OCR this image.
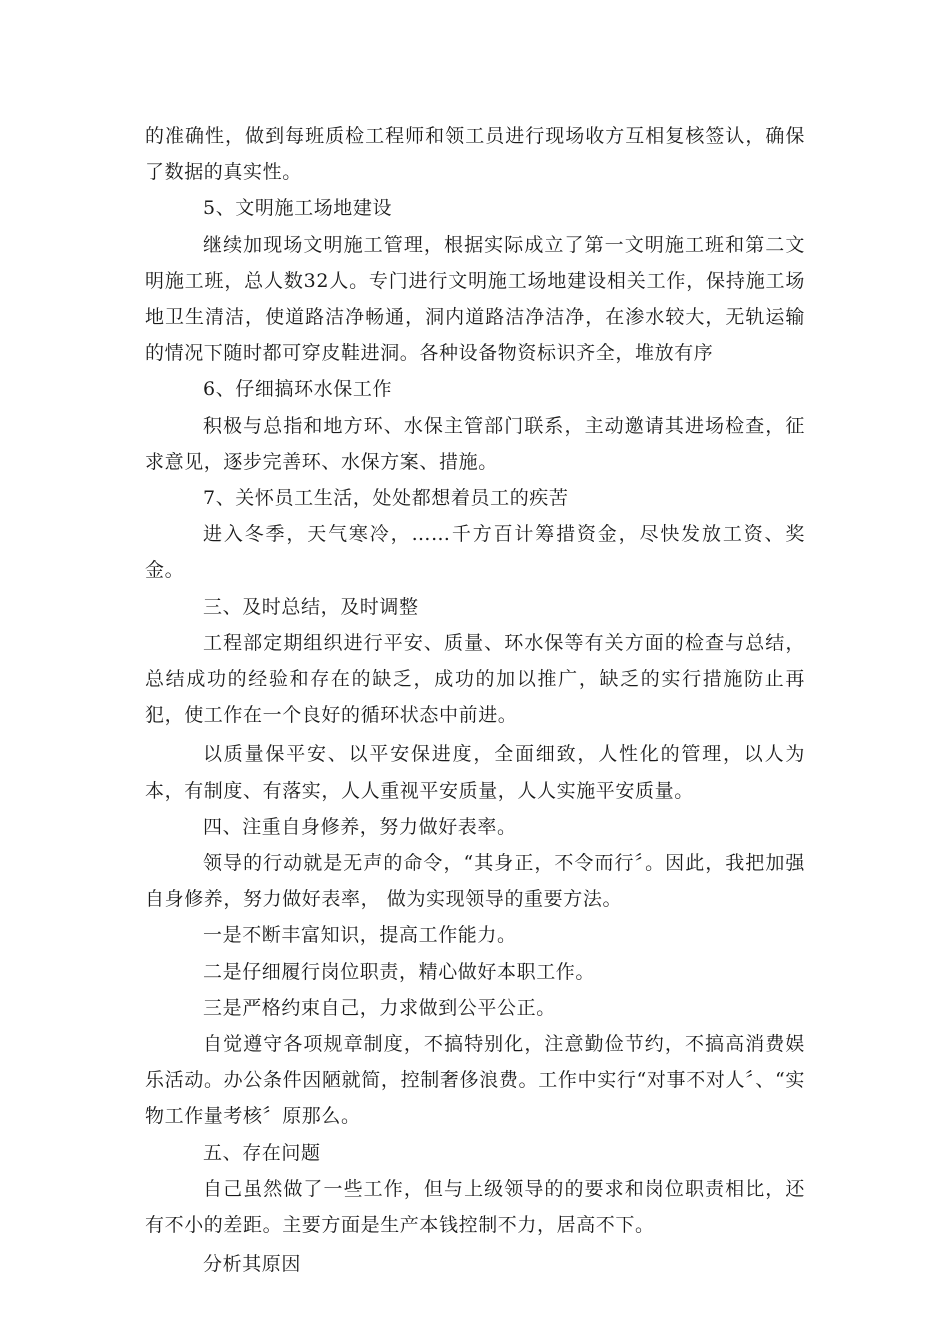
的准确性，做到每班质检工程师和领工员进行现场收方互相复核签认，确保了数据的真实性。

5、文明施工场地建设

继续加现场文明施工管理，根据实际成立了第一文明施工班和第二文明施工班，总人数32人。专门进行文明施工场地建设相关工作，保持施工场地卫生清洁，使道路洁净畅通，洞内道路洁净洁净，在渗水较大，无轨运输的情况下随时都可穿皮鞋进洞。各种设备物资标识齐全，堆放有序

6、仔细搞环水保工作

积极与总指和地方环、水保主管部门联系，主动邀请其进场检查，征求意见，逐步完善环、水保方案、措施。

7、关怀员工生活，处处都想着员工的疾苦

进入冬季，天气寒冷，……千方百计筹措资金，尽快发放工资、奖金。

三、及时总结，及时调整

工程部定期组织进行平安、质量、环水保等有关方面的检查与总结，总结成功的经验和存在的缺乏，成功的加以推广，缺乏的实行措施防止再犯，使工作在一个良好的循环状态中前进。

以质量保平安、以平安保进度，全面细致，人性化的管理，以人为本，有制度、有落实，人人重视平安质量，人人实施平安质量。

四、注重自身修养，努力做好表率。

领导的行动就是无声的命令，“其身正，不令而行〞。因此，我把加强自身修养，努力做好表率， 做为实现领导的重要方法。

一是不断丰富知识，提高工作能力。

二是仔细履行岗位职责，精心做好本职工作。

三是严格约束自己，力求做到公平公正。

自觉遵守各项规章制度，不搞特别化，注意勤俭节约，不搞高消费娱乐活动。办公条件因陋就简，控制奢侈浪费。工作中实行“对事不对人〞、“实物工作量考核〞原那么。

五、存在问题

自己虽然做了一些工作，但与上级领导的的要求和岗位职责相比，还有不小的差距。主要方面是生产本钱控制不力，居高不下。

分析其原因
